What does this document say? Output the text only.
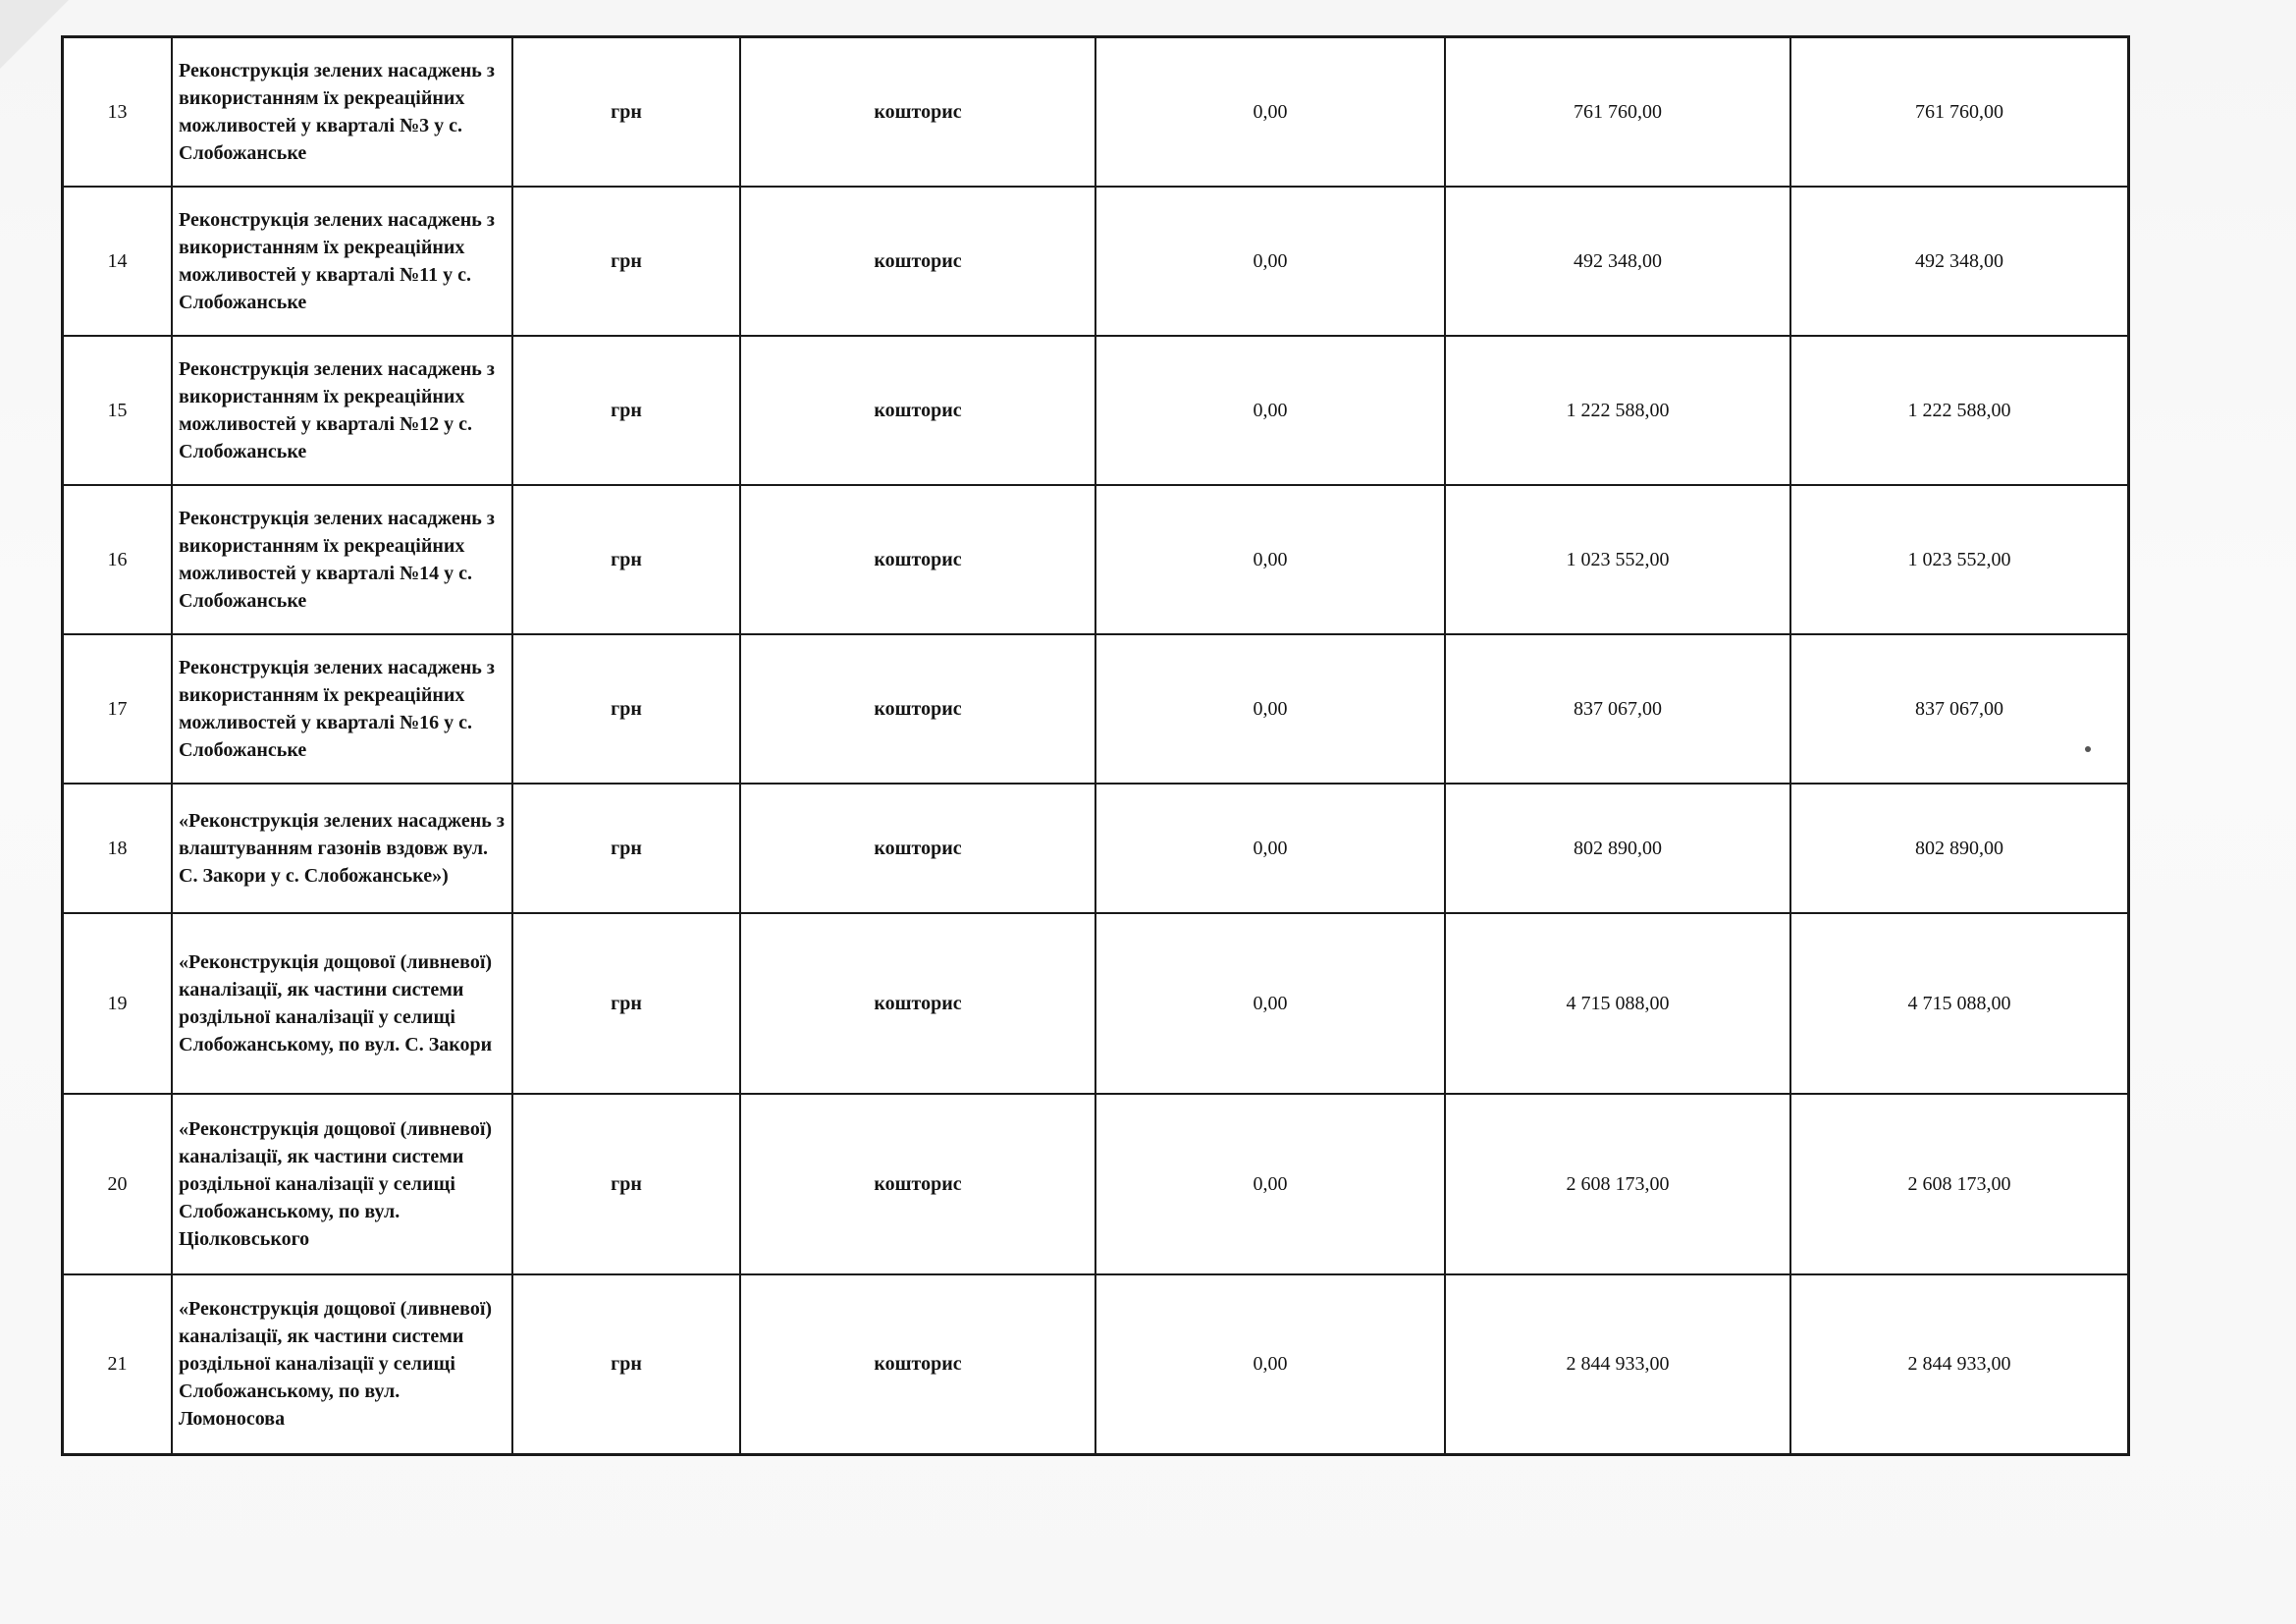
13	Реконструкція зелених насаджень з використанням їх рекреаційних можливостей у кварталі №3 у с. Слобожанське	грн	кошторис	0,00	761 760,00	761 760,00
14	Реконструкція зелених насаджень з використанням їх рекреаційних можливостей у кварталі №11 у с. Слобожанське	грн	кошторис	0,00	492 348,00	492 348,00
15	Реконструкція зелених насаджень з використанням їх рекреаційних можливостей у кварталі №12 у с. Слобожанське	грн	кошторис	0,00	1 222 588,00	1 222 588,00
16	Реконструкція зелених насаджень з використанням їх рекреаційних можливостей у кварталі №14 у с. Слобожанське	грн	кошторис	0,00	1 023 552,00	1 023 552,00
17	Реконструкція зелених насаджень з використанням їх рекреаційних можливостей у кварталі №16 у с. Слобожанське	грн	кошторис	0,00	837 067,00	837 067,00
18	«Реконструкція зелених насаджень з влаштуванням газонів вздовж вул. С. Закори у с. Слобожанське»)	грн	кошторис	0,00	802 890,00	802 890,00
19	«Реконструкція дощової (ливневої) каналізації, як частини системи роздільної каналізації у селищі Слобожанському, по вул. С. Закори	грн	кошторис	0,00	4 715 088,00	4 715 088,00
20	«Реконструкція дощової (ливневої) каналізації, як частини системи роздільної каналізації у селищі Слобожанському, по вул. Ціолковського	грн	кошторис	0,00	2 608 173,00	2 608 173,00
21	«Реконструкція дощової (ливневої) каналізації, як частини системи роздільної каналізації у селищі Слобожанському, по вул. Ломоносова	грн	кошторис	0,00	2 844 933,00	2 844 933,00
